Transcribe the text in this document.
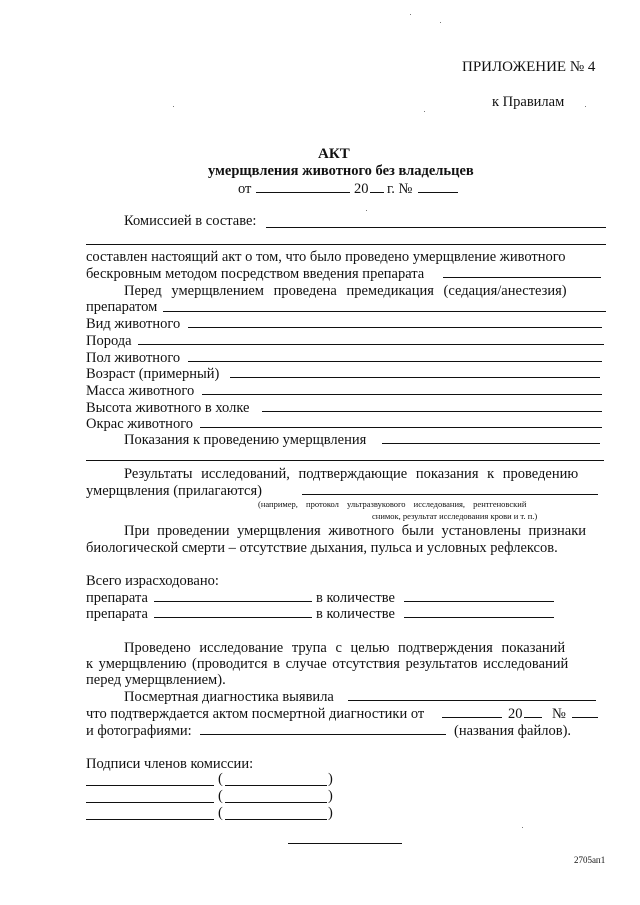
ПРИЛОЖЕНИЕ № 4
к Правилам
АКТ
умерщвления животного без владельцев
от	20 г. №
Комиссией в составе:
составлен настоящий акт о том, что было проведено умерщвление животного
бескровным методом посредством введения препарата
Перед умерщвлением проведена премедикация (седация/анестезия)
препаратом
Вид животного
Порода
Пол животного
Возраст (примерный)
Масса животного
Высота животного в холке
Окрас животного
Показания к проведению умерщвления
Результаты исследований, подтверждающие показания к проведению
умерщвления (прилагаются)
(например, протокол ультразвукового исследования, рентгеновский
снимок, результат исследования крови и т. п.)
При проведении умерщвления животного были установлены признаки
биологической смерти – отсутствие дыхания, пульса и условных рефлексов.
Всего израсходовано:
препарата	в количестве
препарата	в количестве
Проведено исследование трупа с целью подтверждения показаний
к умерщвлению (проводится в случае отсутствия результатов исследований
перед умерщвлением).
Посмертная диагностика выявила
что подтверждается актом посмертной диагностики от	20 №
и фотографиями:	(названия файлов).
Подписи членов комиссии:
(	)
(	)
(	)
2705ап1
